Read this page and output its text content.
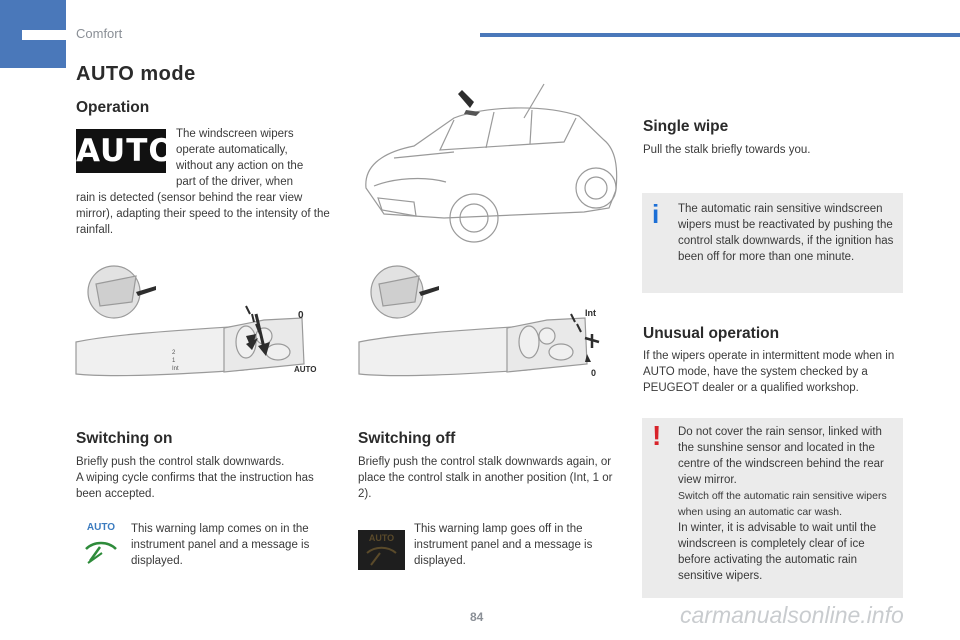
Comfort
AUTO mode
Operation
AUTO The windscreen wipers operate automatically, without any action on the part of the driver, when

rain is detected (sensor behind the rear view mirror), adapting their speed to the intensity of the rainfall.

2
1
Int
0
AUTO
Int
0
Switching on

Briefly push the control stalk downwards.
A wiping cycle confirms that the instruction has been accepted.

AUTO	This warning lamp comes on in the instrument panel and a message is displayed.

Switching off

Briefly push the control stalk downwards again, or place the control stalk in another position (Int, 1 or 2).

AUTO

This warning lamp goes off in the instrument panel and a message is displayed.

Single wipe

Pull the stalk briefly towards you.

i	The automatic rain sensitive windscreen wipers must be reactivated by pushing the control stalk downwards, if the ignition has been off for more than one minute.

Unusual operation

If the wipers operate in intermittent mode when in AUTO mode, have the system checked by a PEUGEOT dealer or a qualified workshop.

! Do not cover the rain sensor, linked with the sunshine sensor and located in the centre of the windscreen behind the rear view mirror.

Switch off the automatic rain sensitive wipers when using an automatic car wash.

In winter, it is advisable to wait until the windscreen is completely clear of ice before activating the automatic rain sensitive wipers.

84	carmanualsonline.info
